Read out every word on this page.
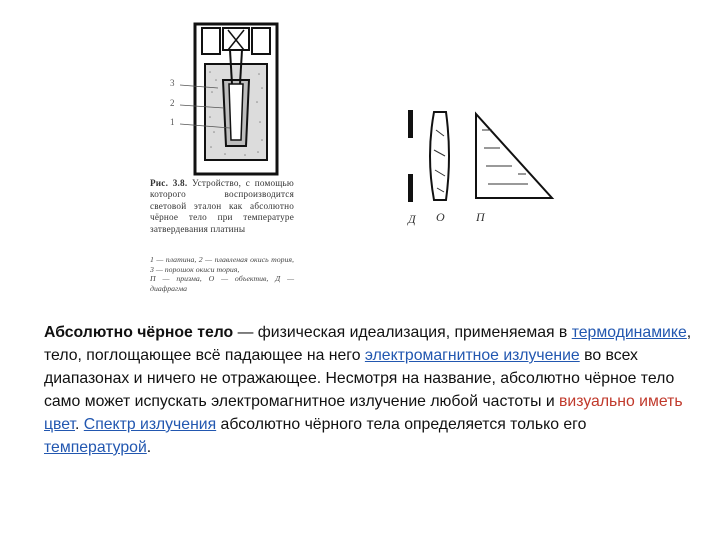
3
2
1
Рис. 3.8. Устройство, с помощью которого воспроизводится световой эталон как абсолютно чёрное тело при температуре затвердевания платины
1 — платина, 2 — плавленая окись тория, 3 — порошок окиси тория,
П — призма, О — объектив, Д — диафрагма
Д О	П
Абсолютно чёрное тело — физическая идеализация, применяемая в термодинамике, тело, поглощающее всё падающее на него электромагнитное излучение во всех диапазонах и ничего не отражающее. Несмотря на название, абсолютно чёрное тело само может испускать электромагнитное излучение любой частоты и визуально иметь цвет. Спектр излучения абсолютно чёрного тела определяется только его температурой.
